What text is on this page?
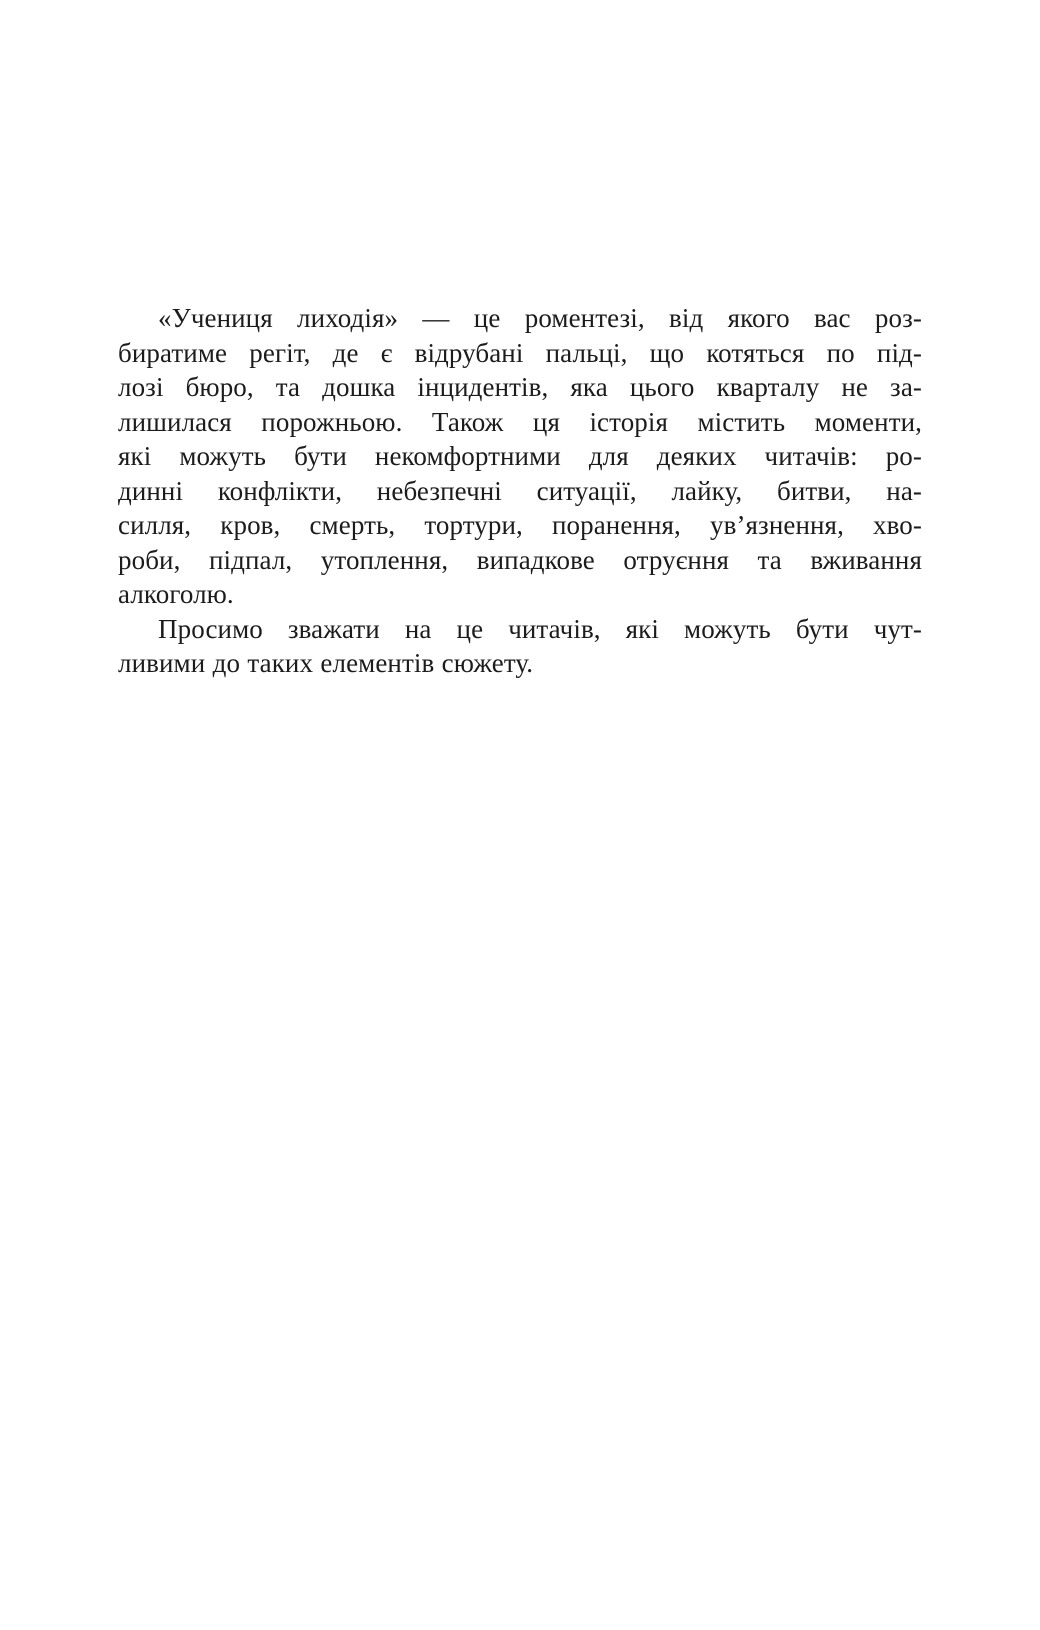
«Учениця лиходія» — це роментезі, від якого вас роз-
биратиме регіт, де є відрубані пальці, що котяться по під-
лозі бюро, та дошка інцидентів, яка цього кварталу не за-
лишилася порожньою. Також ця історія містить моменти,
які можуть бути некомфортними для деяких читачів: ро-
динні конфлікти, небезпечні ситуації, лайку, битви, на-
силля, кров, смерть, тортури, поранення, ув’язнення, хво-
роби, підпал, утоплення, випадкове отруєння та вживання
алкоголю.
Просимо зважати на це читачів, які можуть бути чут-
ливими до таких елементів сюжету.
